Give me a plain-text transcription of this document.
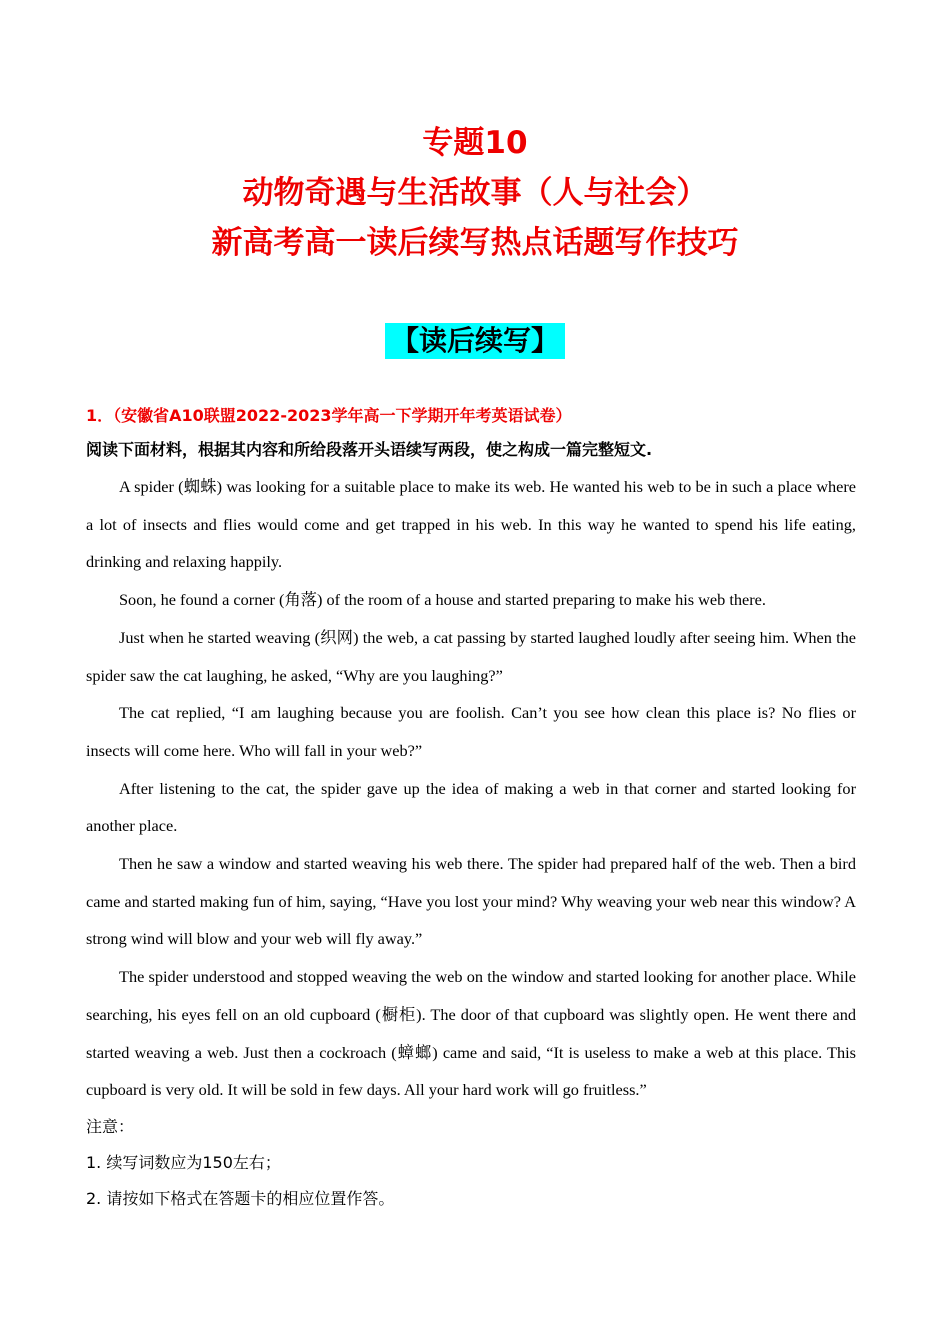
专题10
动物奇遇与生活故事（人与社会）
新高考高一读后续写热点话题写作技巧
【读后续写】
1．（安徽省A10联盟2022-2023学年高一下学期开年考英语试卷）
阅读下面材料，根据其内容和所给段落开头语续写两段，使之构成一篇完整短文.

A spider (蜘蛛) was looking for a suitable place to make its web. He wanted his web to be in such a place where a lot of insects and flies would come and get trapped in his web. In this way he wanted to spend his life eating, drinking and relaxing happily.

Soon, he found a corner (角落) of the room of a house and started preparing to make his web there.

Just when he started weaving (织网) the web, a cat passing by started laughed loudly after seeing him. When the spider saw the cat laughing, he asked, “Why are you laughing?”

The cat replied, “I am laughing because you are foolish. Can’t you see how clean this place is? No flies or insects will come here. Who will fall in your web?”

After listening to the cat, the spider gave up the idea of making a web in that corner and started looking for another place.

Then he saw a window and started weaving his web there. The spider had prepared half of the web. Then a bird came and started making fun of him, saying, “Have you lost your mind? Why weaving your web near this window? A strong wind will blow and your web will fly away.”

The spider understood and stopped weaving the web on the window and started looking for another place. While searching, his eyes fell on an old cupboard (橱柜). The door of that cupboard was slightly open. He went there and started weaving a web. Just then a cockroach (蟑螂) came and said, “It is useless to make a web at this place. This cupboard is very old. It will be sold in few days. All your hard work will go fruitless.”

注意：
1. 续写词数应为150左右；
2. 请按如下格式在答题卡的相应位置作答。
